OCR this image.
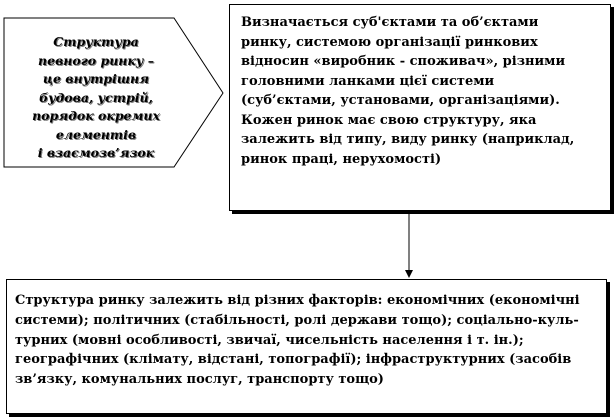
Структура
певного ринку –
це внутрішня
будова, устрій,
порядок окремих
елементів
і взаємозв’язок
Визначається суб'єктами та об’єктами
ринку, системою організації ринкових
відносин «виробник - споживач», різними
головними ланками цієї системи
(суб’єктами, установами, організаціями).
Кожен ринок має свою структуру, яка
залежить від типу, виду ринку (наприклад,
ринок праці, нерухомості)
Структура ринку залежить від різних факторів: економічних (економічні
системи); політичних (стабільності, ролі держави тощо); соціально-куль-
турних (мовні особливості, звичаї, чисельність населення і т. ін.);
географічних (клімату, відстані, топографії); інфраструктурних (засобів
зв’язку, комунальних послуг, транспорту тощо)
